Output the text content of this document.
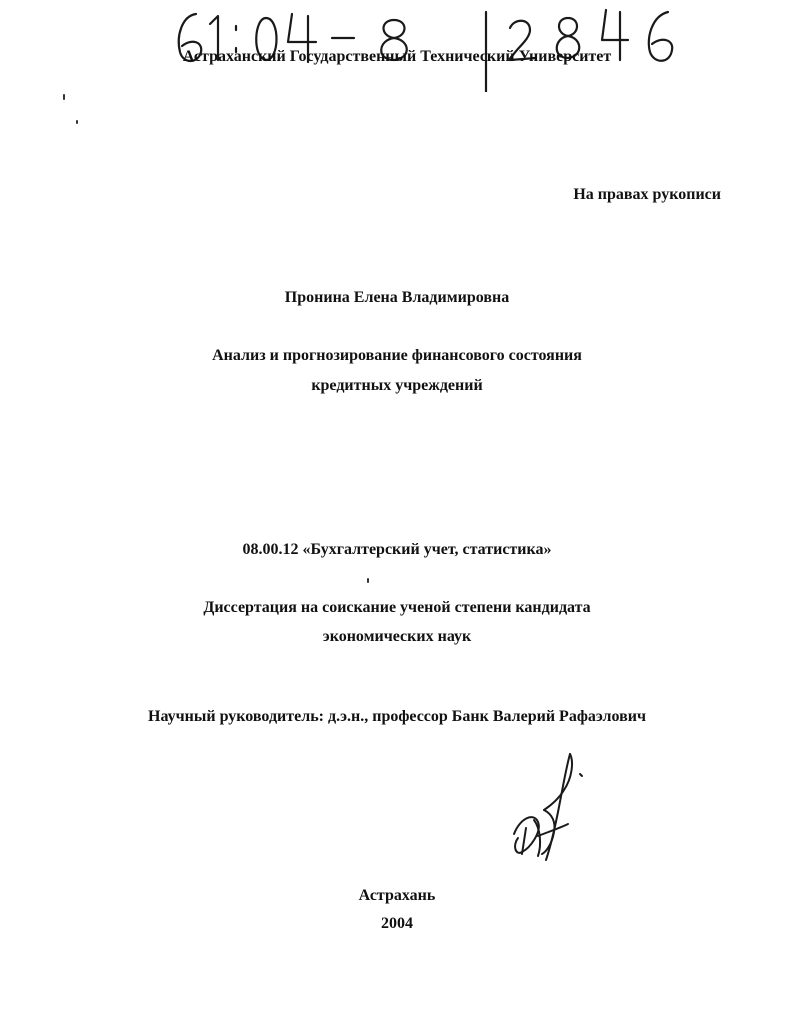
Астраханский Государственный Технический Университет
На правах рукописи
Пронина Елена Владимировна
Анализ и прогнозирование финансового состояния
кредитных учреждений
08.00.12 «Бухгалтерский учет, статистика»
Диссертация на соискание ученой степени кандидата
экономических наук
Научный руководитель: д.э.н., профессор Банк Валерий Рафаэлович
Астрахань
2004
